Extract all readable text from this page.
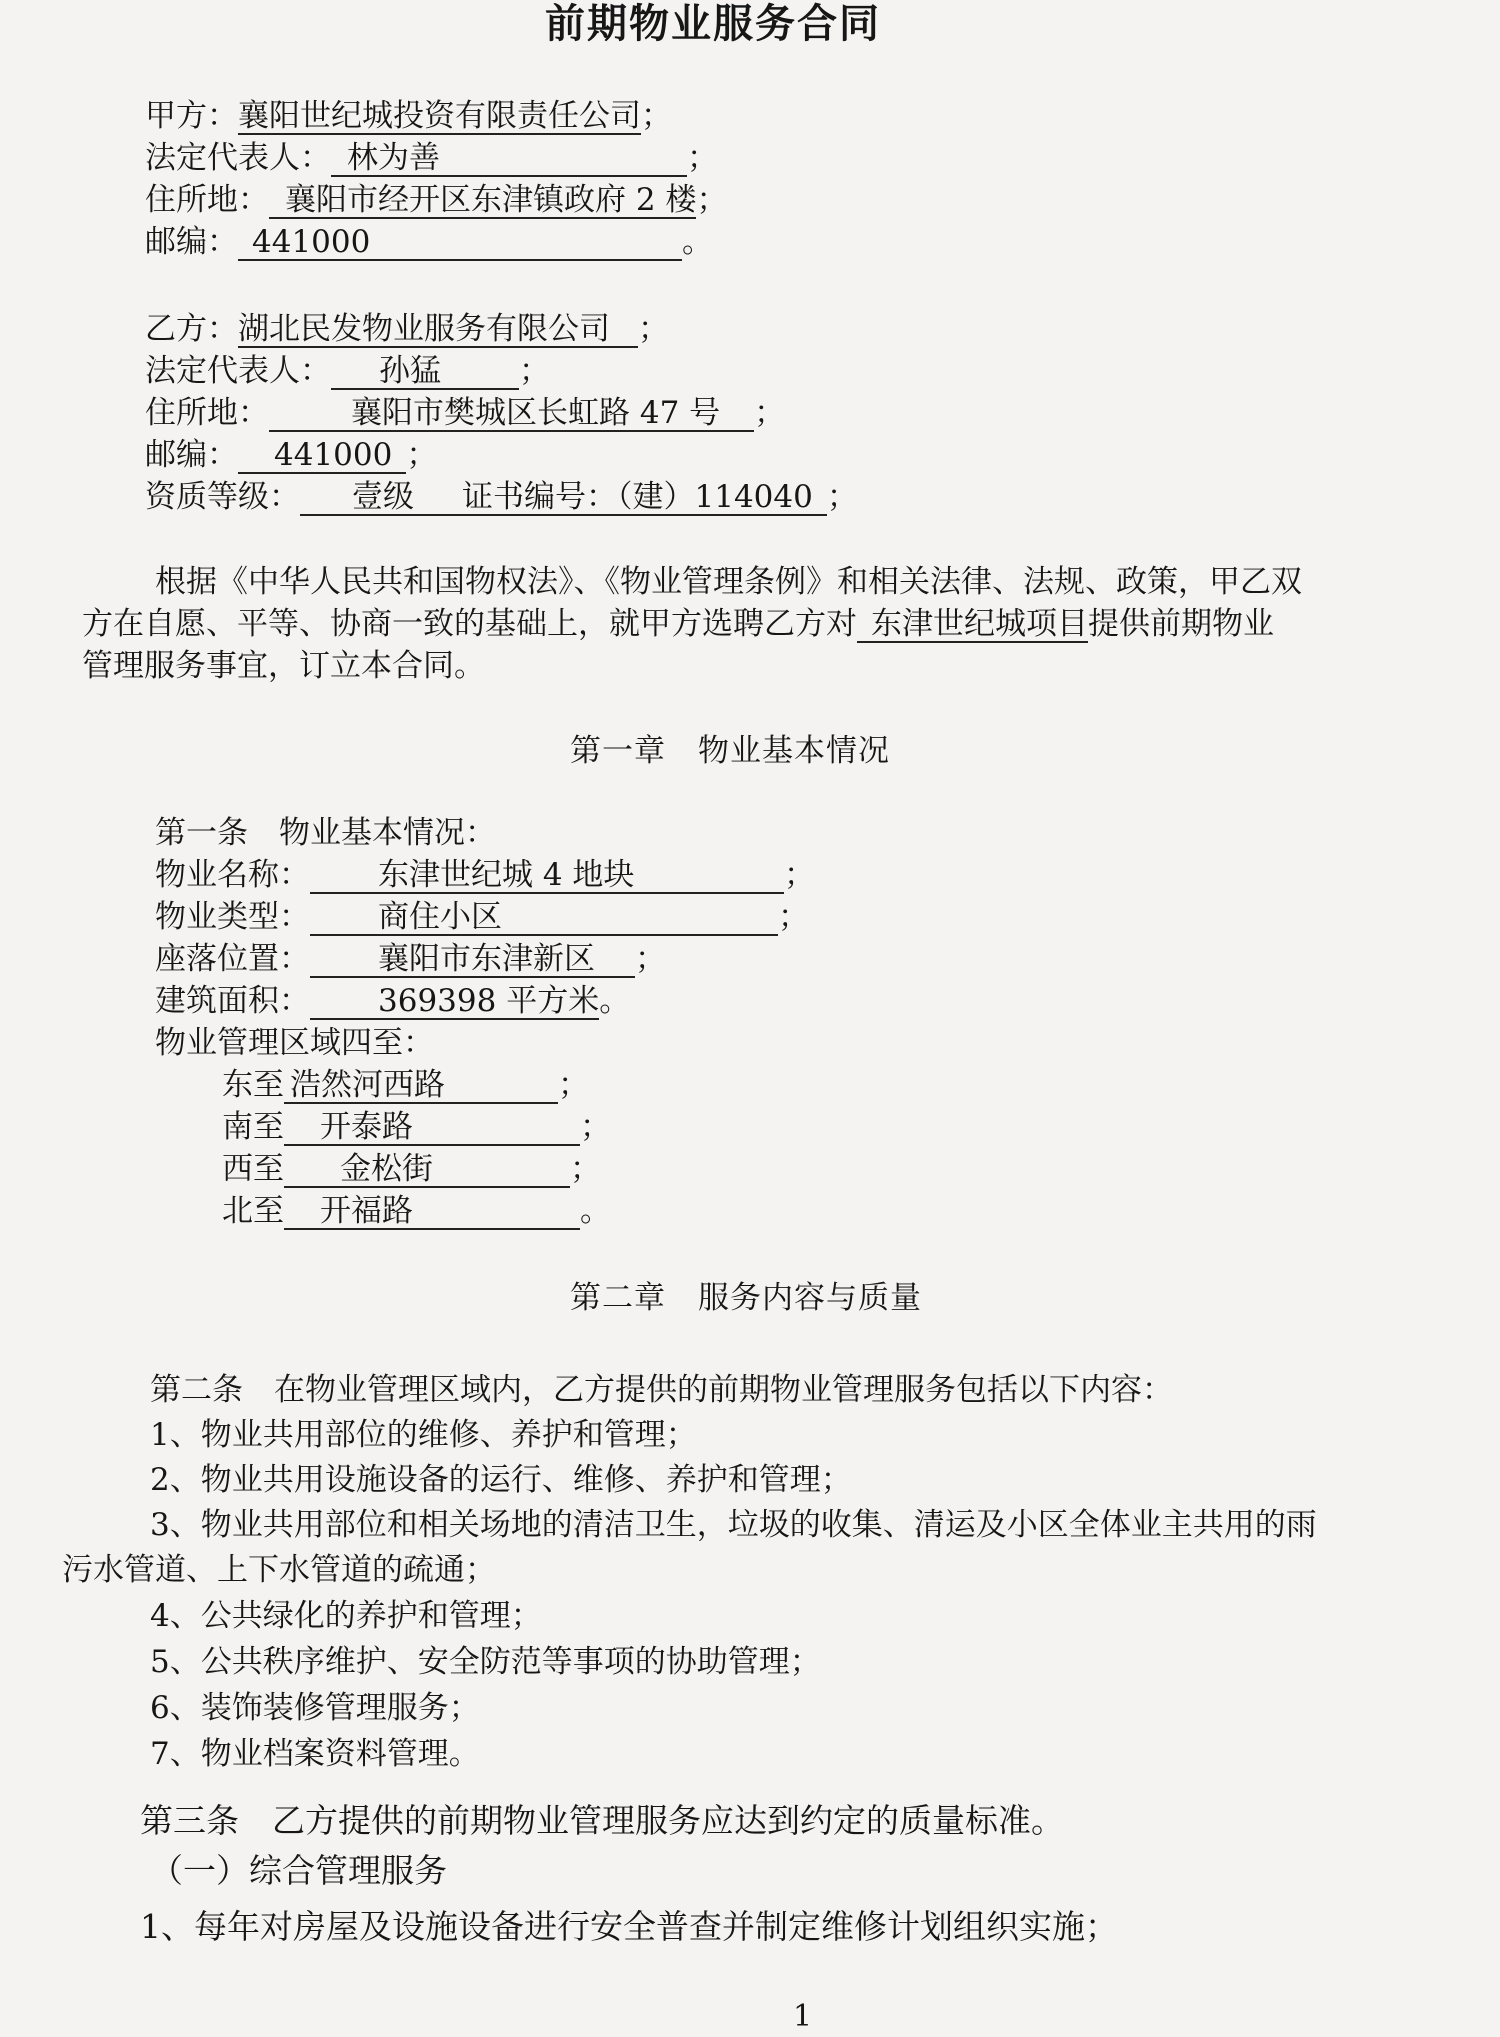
前期物业服务合同
甲方：襄阳世纪城投资有限责任公司；
法定代表人： 林为善	；
住所地： 襄阳市经开区东津镇政府 2 楼；
邮编： 441000	。
乙方：湖北民发物业服务有限公司 ；
法定代表人： 孙猛	；
住所地：	襄阳市樊城区长虹路 47 号 ；
邮编： 441000 ；
资质等级： 壹级 证书编号：（建）114040 ；
根据《中华人民共和国物权法》、《物业管理条例》和相关法律、法规、政策，甲乙双
方在自愿、平等、协商一致的基础上，就甲方选聘乙方对 东津世纪城项目提供前期物业
管理服务事宜，订立本合同。
第一章　物业基本情况
第一条　物业基本情况：
物业名称： 东津世纪城 4 地块	；
物业类型： 商住小区	；
座落位置： 襄阳市东津新区 ；
建筑面积： 369398 平方米。
物业管理区域四至：
东至 浩然河西路	；
南至 开泰路	；
西至 金松街	；
北至 开福路	。
第二章　服务内容与质量
第二条　在物业管理区域内，乙方提供的前期物业管理服务包括以下内容：
1、物业共用部位的维修、养护和管理；
2、物业共用设施设备的运行、维修、养护和管理；
3、物业共用部位和相关场地的清洁卫生，垃圾的收集、清运及小区全体业主共用的雨
污水管道、上下水管道的疏通；
4、公共绿化的养护和管理；
5、公共秩序维护、安全防范等事项的协助管理；
6、装饰装修管理服务；
7、物业档案资料管理。
第三条　乙方提供的前期物业管理服务应达到约定的质量标准。
（一）综合管理服务
1、每年对房屋及设施设备进行安全普查并制定维修计划组织实施；
1
